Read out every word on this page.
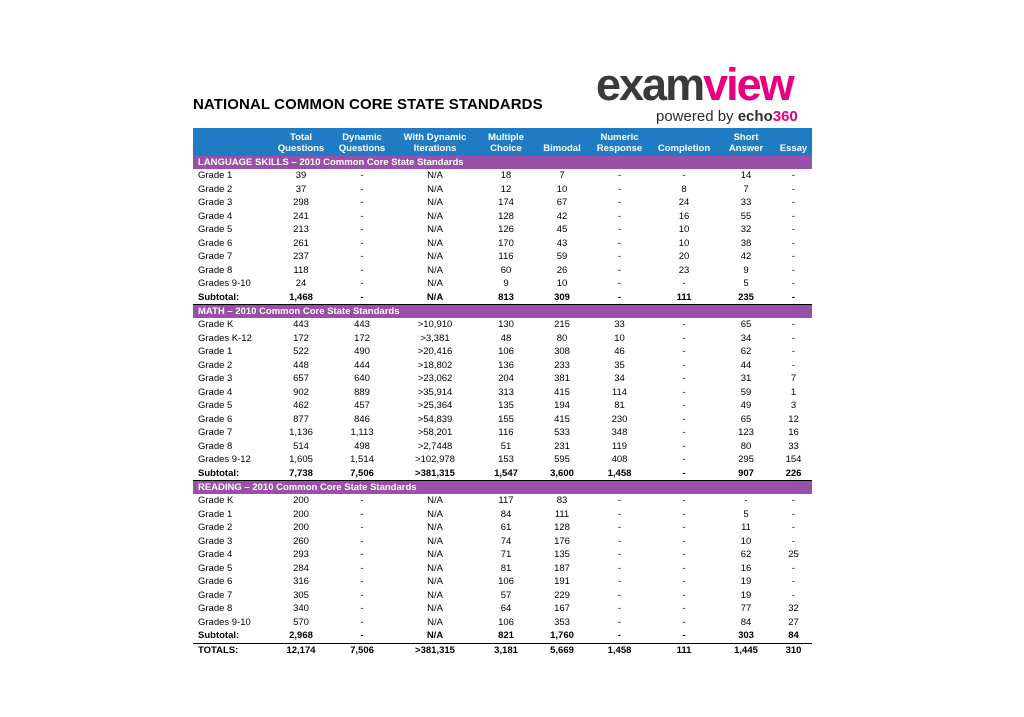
NATIONAL COMMON CORE STATE STANDARDS examview
powered by echo360
	Total Questions	Dynamic Questions	With Dynamic Iterations	Multiple Choice	Bimodal	Numeric Response	Completion	Short Answer	Essay
LANGUAGE SKILLS – 2010 Common Core State Standards									
Grade 1	39	-	N/A	18	7	-	-	14	-
Grade 2	37	-	N/A	12	10	-	8	7	-
Grade 3	298	-	N/A	174	67	-	24	33	-
Grade 4	241	-	N/A	128	42	-	16	55	-
Grade 5	213	-	N/A	126	45	-	10	32	-
Grade 6	261	-	N/A	170	43	-	10	38	-
Grade 7	237	-	N/A	116	59	-	20	42	-
Grade 8	118	-	N/A	60	26	-	23	9	-
Grades 9-10	24	-	N/A	9	10	-	-	5	-
Subtotal:	1,468	-	N/A	813	309	-	111	235	-
MATH – 2010 Common Core State Standards									
Grade K	443	443	>10,910	130	215	33	-	65	-
Grades K-12	172	172	>3,381	48	80	10	-	34	-
Grade 1	522	490	>20,416	106	308	46	-	62	-
Grade 2	448	444	>18,802	136	233	35	-	44	-
Grade 3	657	640	>23,062	204	381	34	-	31	7
Grade 4	902	889	>35,914	313	415	114	-	59	1
Grade 5	462	457	>25,364	135	194	81	-	49	3
Grade 6	877	846	>54,839	155	415	230	-	65	12
Grade 7	1,136	1,113	>58,201	116	533	348	-	123	16
Grade 8	514	498	>2,7448	51	231	119	-	80	33
Grades 9-12	1,605	1,514	>102,978	153	595	408	-	295	154
Subtotal:	7,738	7,506	>381,315	1,547	3,600	1,458	-	907	226
READING – 2010 Common Core State Standards									
Grade K	200	-	N/A	117	83	-	-	-	-
Grade 1	200	-	N/A	84	111	-	-	5	-
Grade 2	200	-	N/A	61	128	-	-	11	-
Grade 3	260	-	N/A	74	176	-	-	10	-
Grade 4	293	-	N/A	71	135	-	-	62	25
Grade 5	284	-	N/A	81	187	-	-	16	-
Grade 6	316	-	N/A	106	191	-	-	19	-
Grade 7	305	-	N/A	57	229	-	-	19	-
Grade 8	340	-	N/A	64	167	-	-	77	32
Grades 9-10	570	-	N/A	106	353	-	-	84	27
Subtotal:	2,968	-	N/A	821	1,760	-	-	303	84
TOTALS:	12,174	7,506	>381,315	3,181	5,669	1,458	111	1,445	310
